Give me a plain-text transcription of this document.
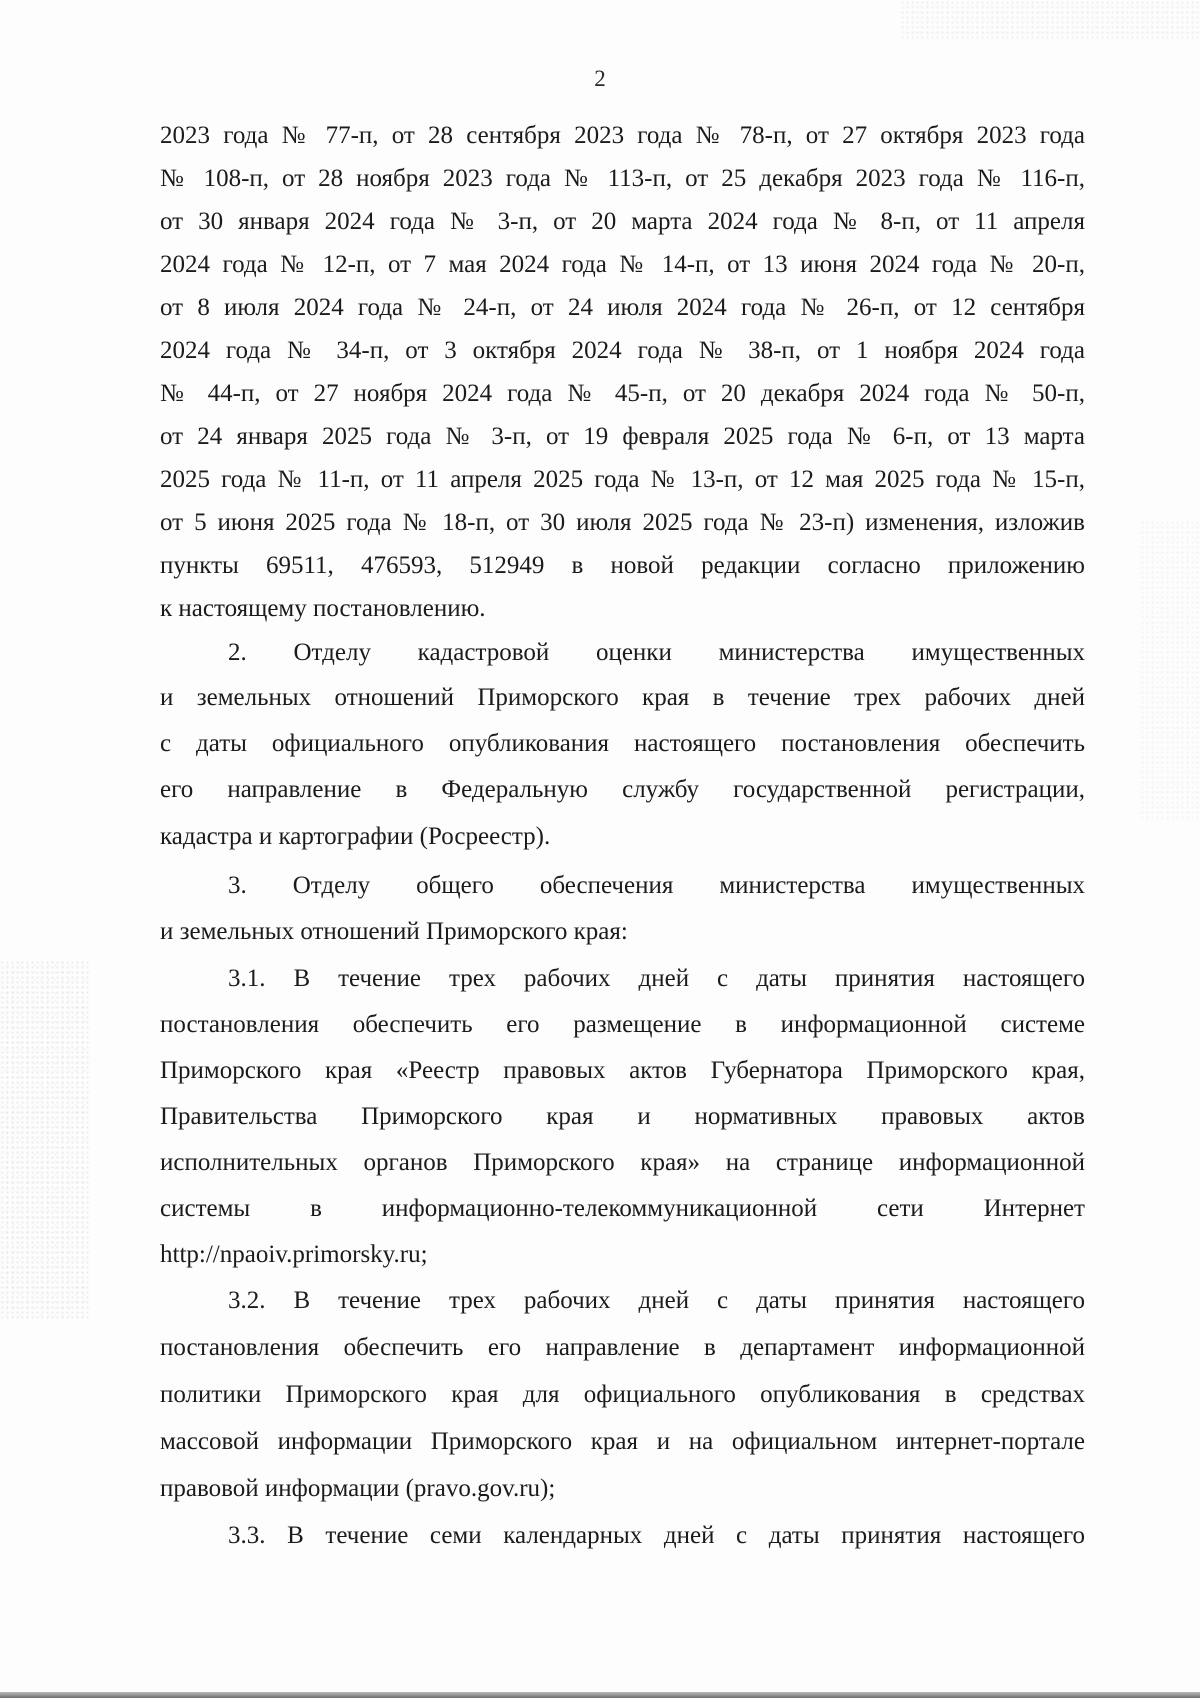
2
2023 года № 77-п, от 28 сентября 2023 года № 78-п, от 27 октября 2023 года
№ 108-п, от 28 ноября 2023 года № 113-п, от 25 декабря 2023 года № 116-п,
от 30 января 2024 года № 3-п, от 20 марта 2024 года № 8-п, от 11 апреля
2024 года № 12-п, от 7 мая 2024 года № 14-п, от 13 июня 2024 года № 20-п,
от 8 июля 2024 года № 24-п, от 24 июля 2024 года № 26-п, от 12 сентября
2024 года № 34-п, от 3 октября 2024 года № 38-п, от 1 ноября 2024 года
№ 44-п, от 27 ноября 2024 года № 45-п, от 20 декабря 2024 года № 50-п,
от 24 января 2025 года № 3-п, от 19 февраля 2025 года № 6-п, от 13 марта
2025 года № 11-п, от 11 апреля 2025 года № 13-п, от 12 мая 2025 года № 15-п,
от 5 июня 2025 года № 18-п, от 30 июля 2025 года № 23-п) изменения, изложив
пункты 69511, 476593, 512949 в новой редакции согласно приложению
к настоящему постановлению.
2. Отделу кадастровой оценки министерства имущественных
и земельных отношений Приморского края в течение трех рабочих дней
с даты официального опубликования настоящего постановления обеспечить
его направление в Федеральную службу государственной регистрации,
кадастра и картографии (Росреестр).
3. Отделу общего обеспечения министерства имущественных
и земельных отношений Приморского края:
3.1. В течение трех рабочих дней с даты принятия настоящего
постановления обеспечить его размещение в информационной системе
Приморского края «Реестр правовых актов Губернатора Приморского края,
Правительства Приморского края и нормативных правовых актов
исполнительных органов Приморского края» на странице информационной
системы в информационно-телекоммуникационной сети Интернет
http://npaoiv.primorsky.ru;
3.2. В течение трех рабочих дней с даты принятия настоящего
постановления обеспечить его направление в департамент информационной
политики Приморского края для официального опубликования в средствах
массовой информации Приморского края и на официальном интернет-портале
правовой информации (pravo.gov.ru);
3.3. В течение семи календарных дней с даты принятия настоящего
